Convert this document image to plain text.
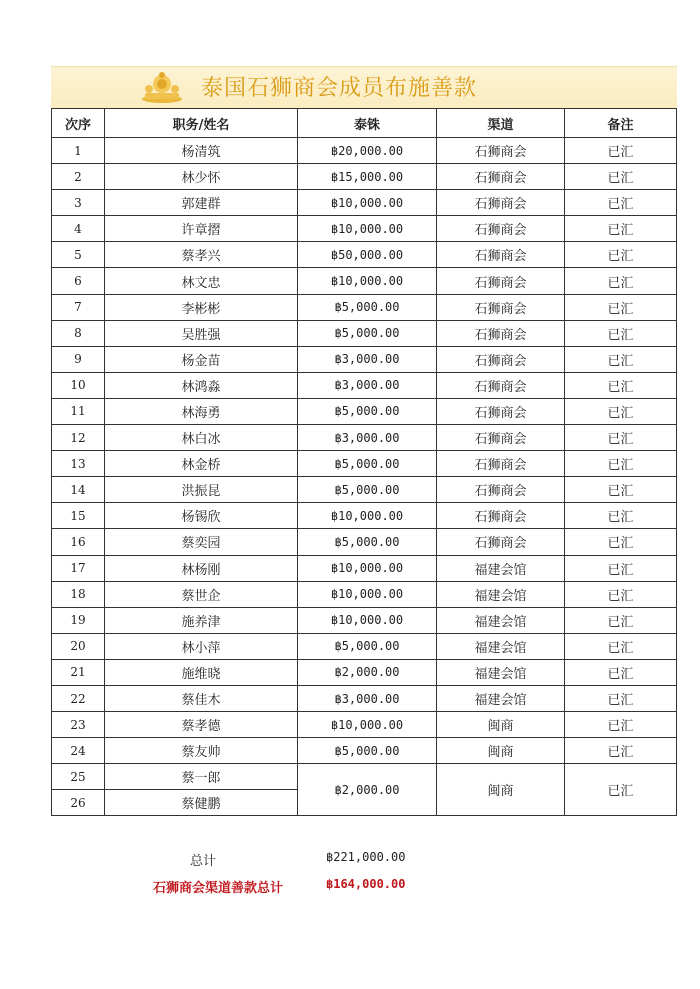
泰国石狮商会成员布施善款
次序	职务/姓名	泰铢	渠道	备注
1	杨清筑	฿20,000.00	石狮商会	已汇
2	林少怀	฿15,000.00	石狮商会	已汇
3	郭建群	฿10,000.00	石狮商会	已汇
4	许章摺	฿10,000.00	石狮商会	已汇
5	蔡孝兴	฿50,000.00	石狮商会	已汇
6	林文忠	฿10,000.00	石狮商会	已汇
7	李彬彬	฿5,000.00	石狮商会	已汇
8	吴胜强	฿5,000.00	石狮商会	已汇
9	杨金苗	฿3,000.00	石狮商会	已汇
10	林鸿淼	฿3,000.00	石狮商会	已汇
11	林海勇	฿5,000.00	石狮商会	已汇
12	林白冰	฿3,000.00	石狮商会	已汇
13	林金桥	฿5,000.00	石狮商会	已汇
14	洪振昆	฿5,000.00	石狮商会	已汇
15	杨锡欣	฿10,000.00	石狮商会	已汇
16	蔡奕园	฿5,000.00	石狮商会	已汇
17	林杨刚	฿10,000.00	福建会馆	已汇
18	蔡世企	฿10,000.00	福建会馆	已汇
19	施养津	฿10,000.00	福建会馆	已汇
20	林小萍	฿5,000.00	福建会馆	已汇
21	施维晓	฿2,000.00	福建会馆	已汇
22	蔡佳木	฿3,000.00	福建会馆	已汇
23	蔡孝德	฿10,000.00	闽商	已汇
24	蔡友帅	฿5,000.00	闽商	已汇
25	蔡一郎	฿2,000.00	闽商	已汇
26	蔡健鹏			
总计	฿221,000.00
石狮商会渠道善款总计	฿164,000.00
